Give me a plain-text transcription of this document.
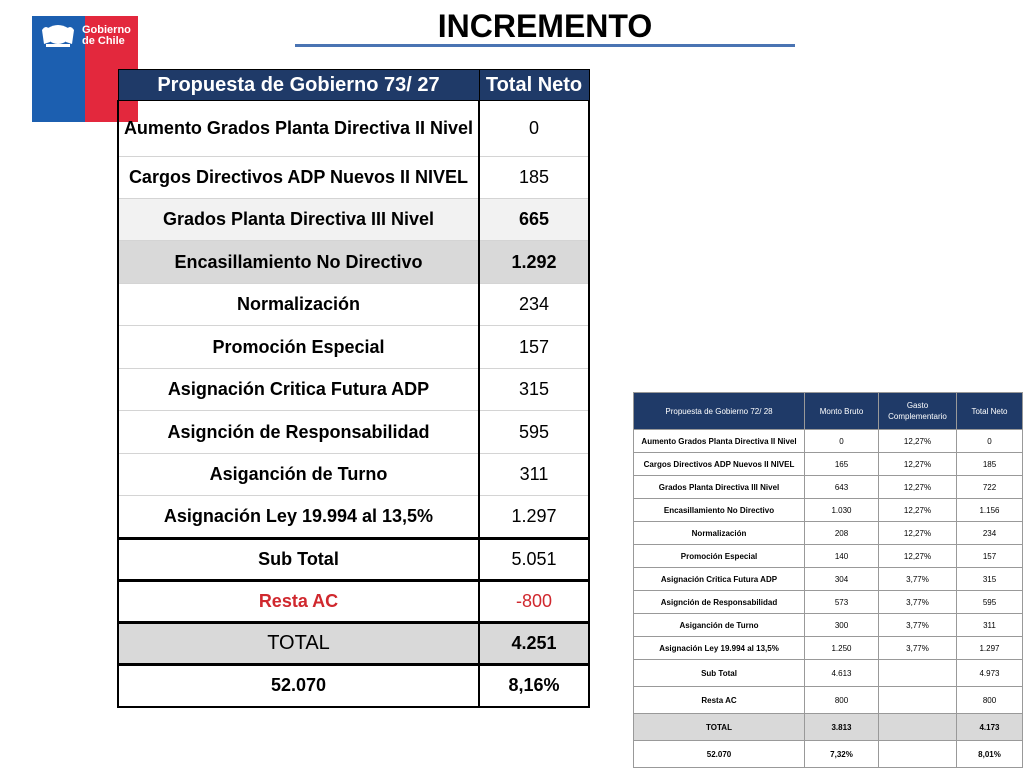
Gobierno
de Chile	INCREMENTO
Propuesta de Gobierno 73/ 27	Total Neto
Aumento Grados Planta Directiva II Nivel	0
Cargos Directivos ADP Nuevos II NIVEL	185
Grados Planta Directiva III Nivel	665
Encasillamiento No Directivo	1.292
Normalización	234
Promoción Especial	157
Asignación Critica Futura ADP	315
Asignción de Responsabilidad	595
Asiganción de Turno	311
Asignación Ley 19.994 al 13,5%	1.297
Sub Total	5.051
Resta AC	-800
TOTAL	4.251
52.070	8,16%
Propuesta de Gobierno 72/ 28	Monto Bruto	Gasto Complementario	Total Neto
Aumento Grados Planta Directiva II Nivel	0	12,27%	0
Cargos Directivos ADP Nuevos II NIVEL	165	12,27%	185
Grados Planta Directiva III Nivel	643	12,27%	722
Encasillamiento No Directivo	1.030	12,27%	1.156
Normalización	208	12,27%	234
Promoción Especial	140	12,27%	157
Asignación Critica Futura ADP	304	3,77%	315
Asignción de Responsabilidad	573	3,77%	595
Asiganción de Turno	300	3,77%	311
Asignación Ley 19.994 al 13,5%	1.250	3,77%	1.297
Sub Total	4.613		4.973
Resta AC	800		800
TOTAL	3.813		4.173
52.070	7,32%		8,01%
